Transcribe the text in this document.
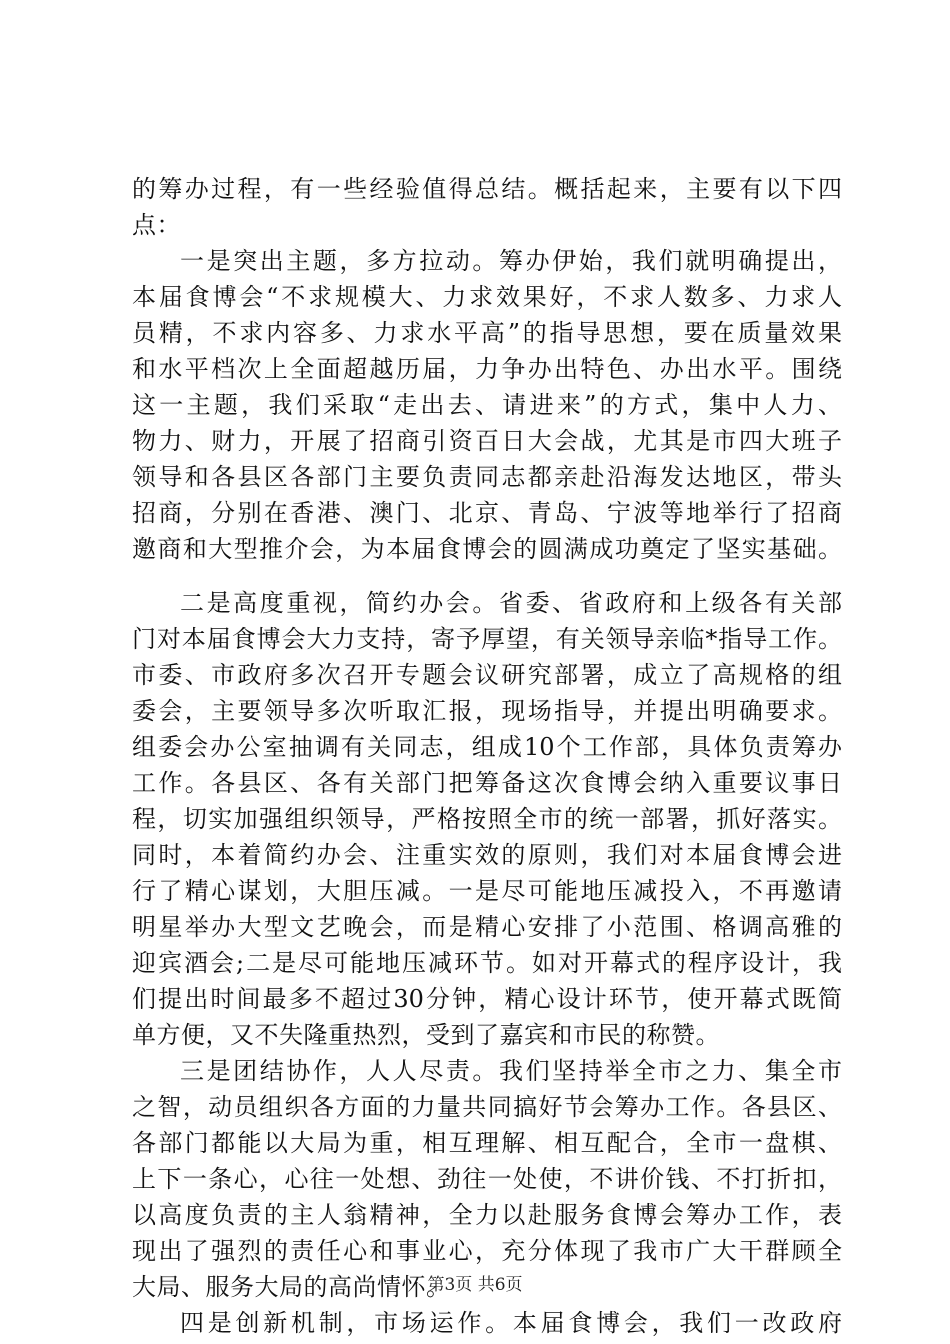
的筹办过程，有一些经验值得总结。概括起来，主要有以下四
点：
一是突出主题，多方拉动。筹办伊始，我们就明确提出，
本届食博会“不求规模大、力求效果好，不求人数多、力求人
员精，不求内容多、力求水平高”的指导思想，要在质量效果
和水平档次上全面超越历届，力争办出特色、办出水平。围绕
这一主题，我们采取“走出去、请进来”的方式，集中人力、
物力、财力，开展了招商引资百日大会战，尤其是市四大班子
领导和各县区各部门主要负责同志都亲赴沿海发达地区，带头
招商，分别在香港、澳门、北京、青岛、宁波等地举行了招商
邀商和大型推介会，为本届食博会的圆满成功奠定了坚实基础。
二是高度重视，简约办会。省委、省政府和上级各有关部
门对本届食博会大力支持，寄予厚望，有关领导亲临*指导工作。
市委、市政府多次召开专题会议研究部署，成立了高规格的组
委会，主要领导多次听取汇报，现场指导，并提出明确要求。
组委会办公室抽调有关同志，组成10个工作部，具体负责筹办
工作。各县区、各有关部门把筹备这次食博会纳入重要议事日
程，切实加强组织领导，严格按照全市的统一部署，抓好落实。
同时，本着简约办会、注重实效的原则，我们对本届食博会进
行了精心谋划，大胆压减。一是尽可能地压减投入，不再邀请
明星举办大型文艺晚会，而是精心安排了小范围、格调高雅的
迎宾酒会;二是尽可能地压减环节。如对开幕式的程序设计，我
们提出时间最多不超过30分钟，精心设计环节，使开幕式既简
单方便，又不失隆重热烈，受到了嘉宾和市民的称赞。
三是团结协作，人人尽责。我们坚持举全市之力、集全市
之智，动员组织各方面的力量共同搞好节会筹办工作。各县区、
各部门都能以大局为重，相互理解、相互配合，全市一盘棋、
上下一条心，心往一处想、劲往一处使，不讲价钱、不打折扣，
以高度负责的主人翁精神，全力以赴服务食博会筹办工作，表
现出了强烈的责任心和事业心，充分体现了我市广大干群顾全
大局、服务大局的高尚情怀。
四是创新机制，市场运作。本届食博会，我们一改政府
第3页 共6页
